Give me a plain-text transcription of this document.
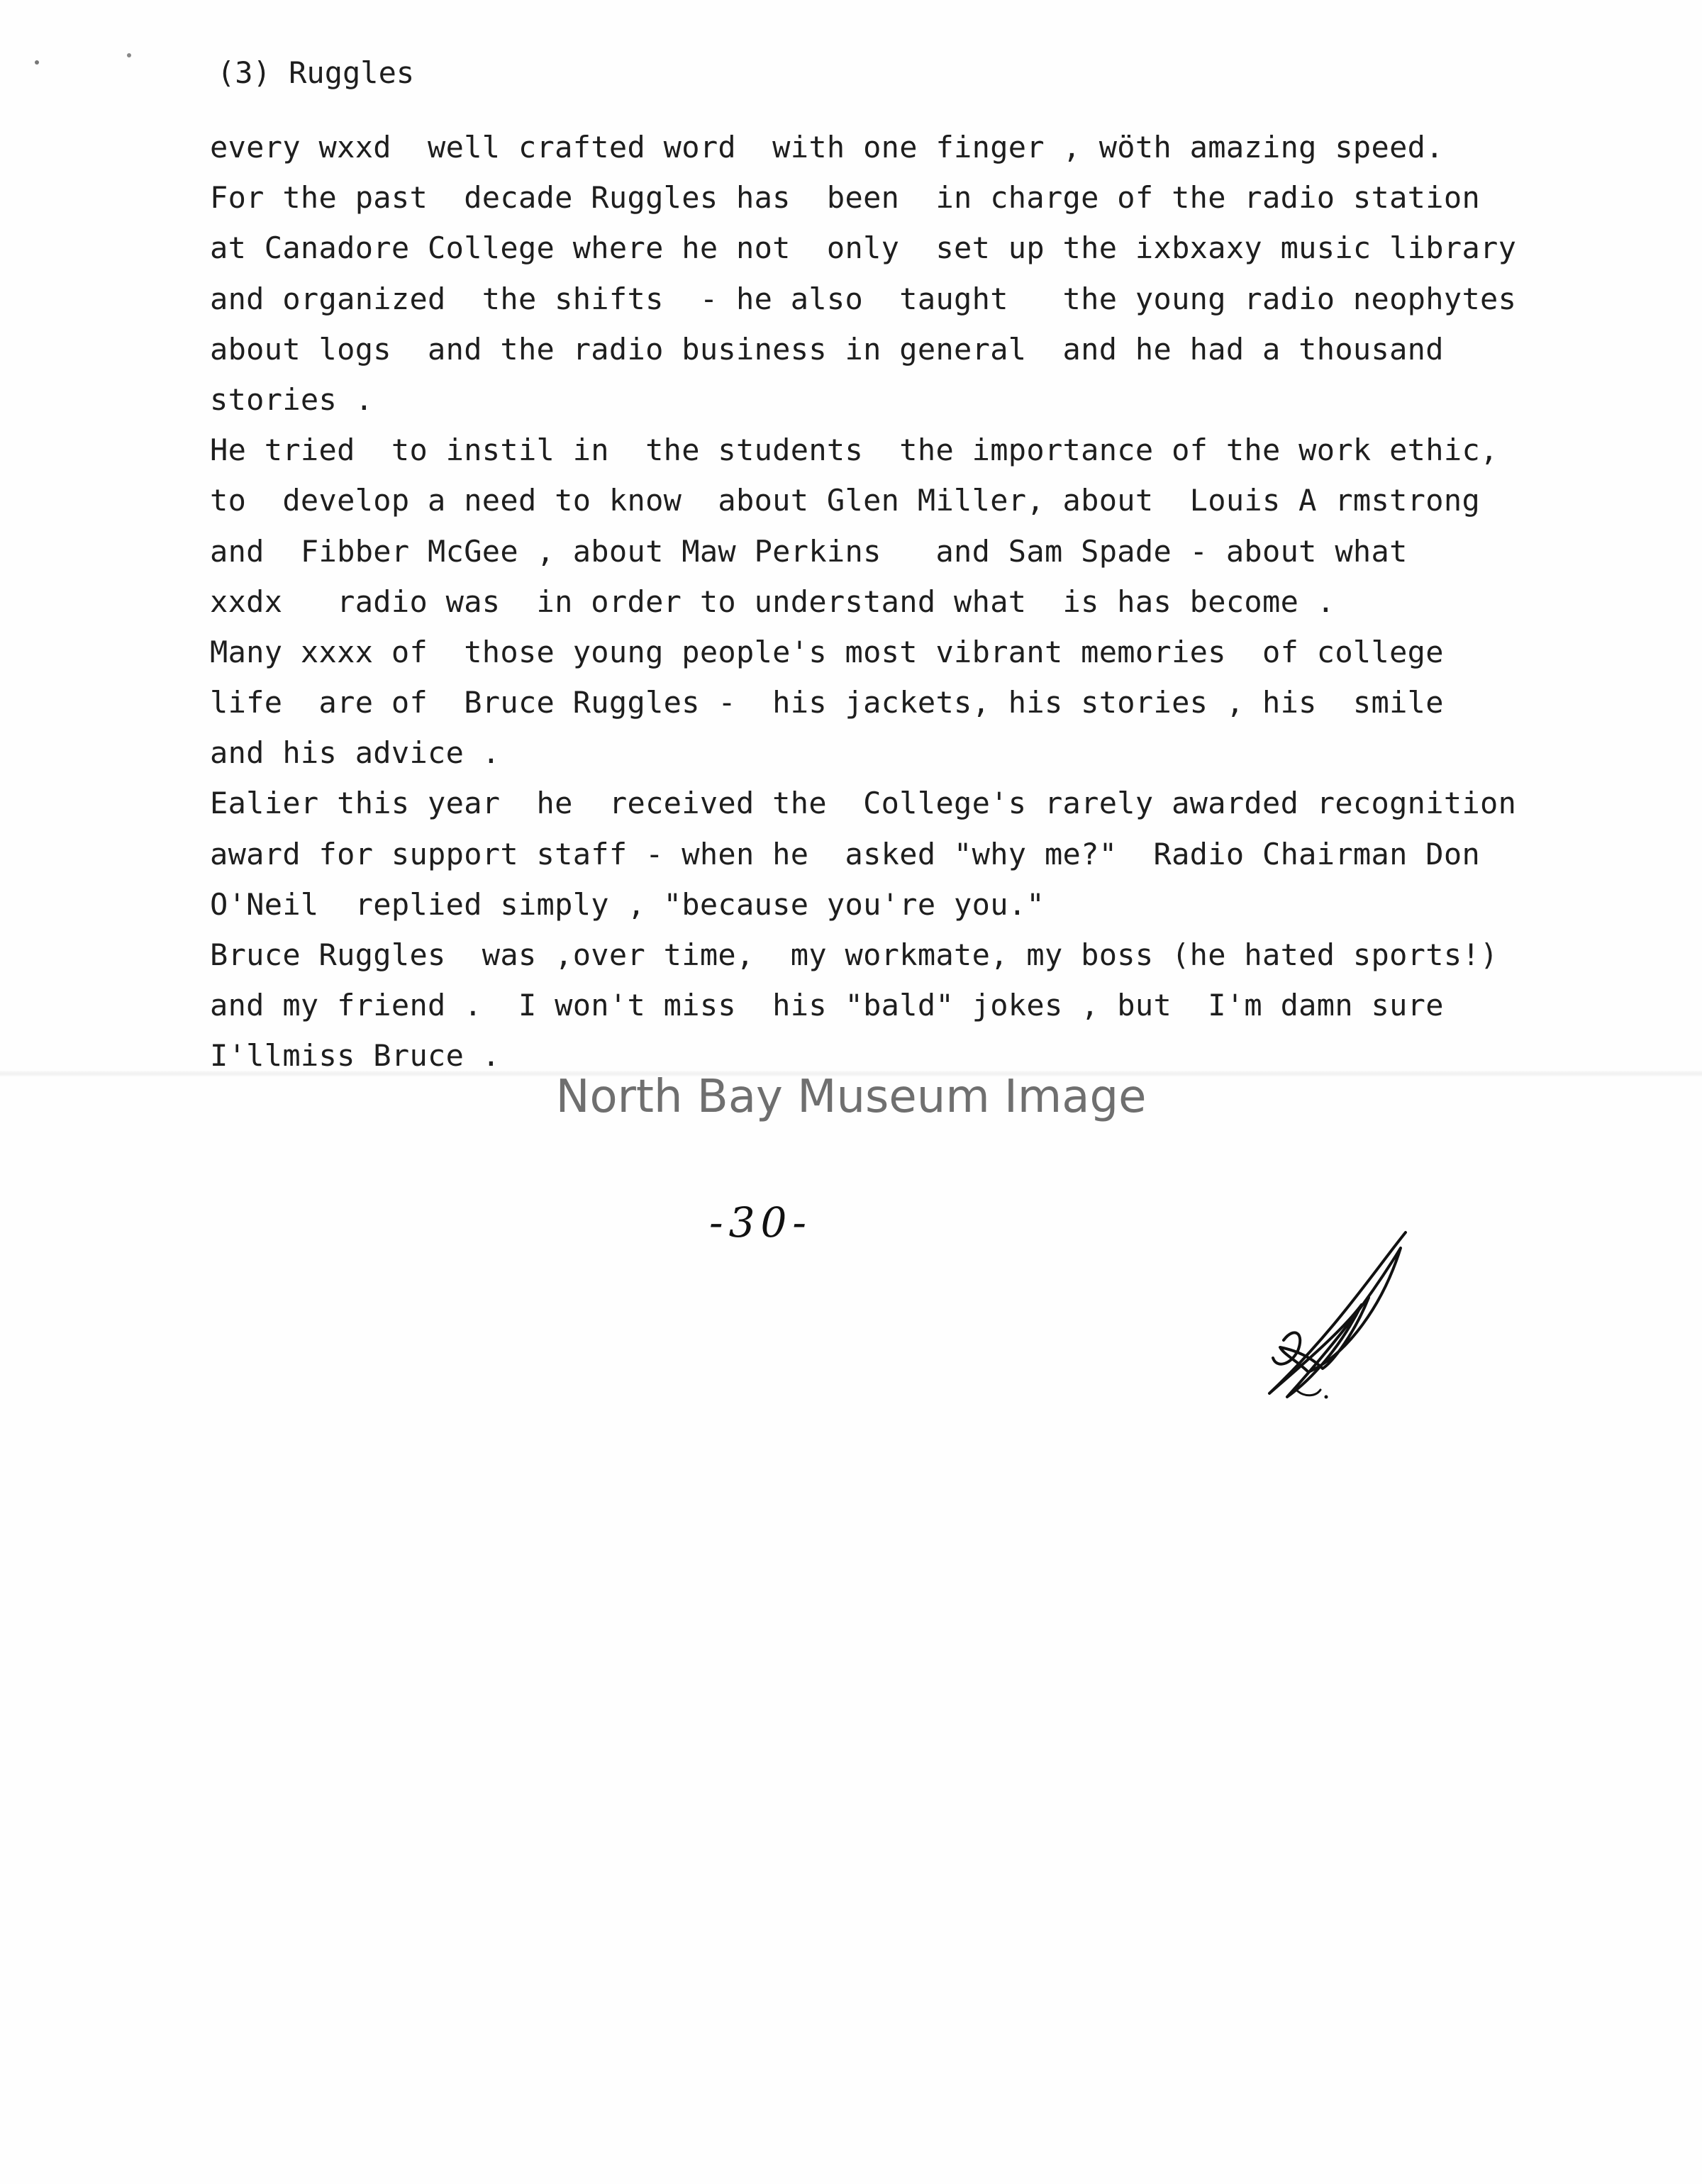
(3) Ruggles
every wxxd  well crafted word  with one finger , wöth amazing speed.
For the past  decade Ruggles has  been  in charge of the radio station
at Canadore College where he not  only  set up the ixbxaxy music library
and organized  the shifts  - he also  taught   the young radio neophytes
about logs  and the radio business in general  and he had a thousand
stories .
He tried  to instil in  the students  the importance of the work ethic,
to  develop a need to know  about Glen Miller, about  Louis A rmstrong
and  Fibber McGee , about Maw Perkins   and Sam Spade - about what
xxdx   radio was  in order to understand what  is has become .
Many xxxx of  those young people's most vibrant memories  of college
life  are of  Bruce Ruggles -  his jackets, his stories , his  smile
and his advice .
Ealier this year  he  received the  College's rarely awarded recognition
award for support staff - when he  asked "why me?"  Radio Chairman Don
O'Neil  replied simply , "because you're you."
Bruce Ruggles  was ,over time,  my workmate, my boss (he hated sports!)
and my friend .  I won't miss  his "bald" jokes , but  I'm damn sure
I'llmiss Bruce .
North Bay Museum Image
-30-
